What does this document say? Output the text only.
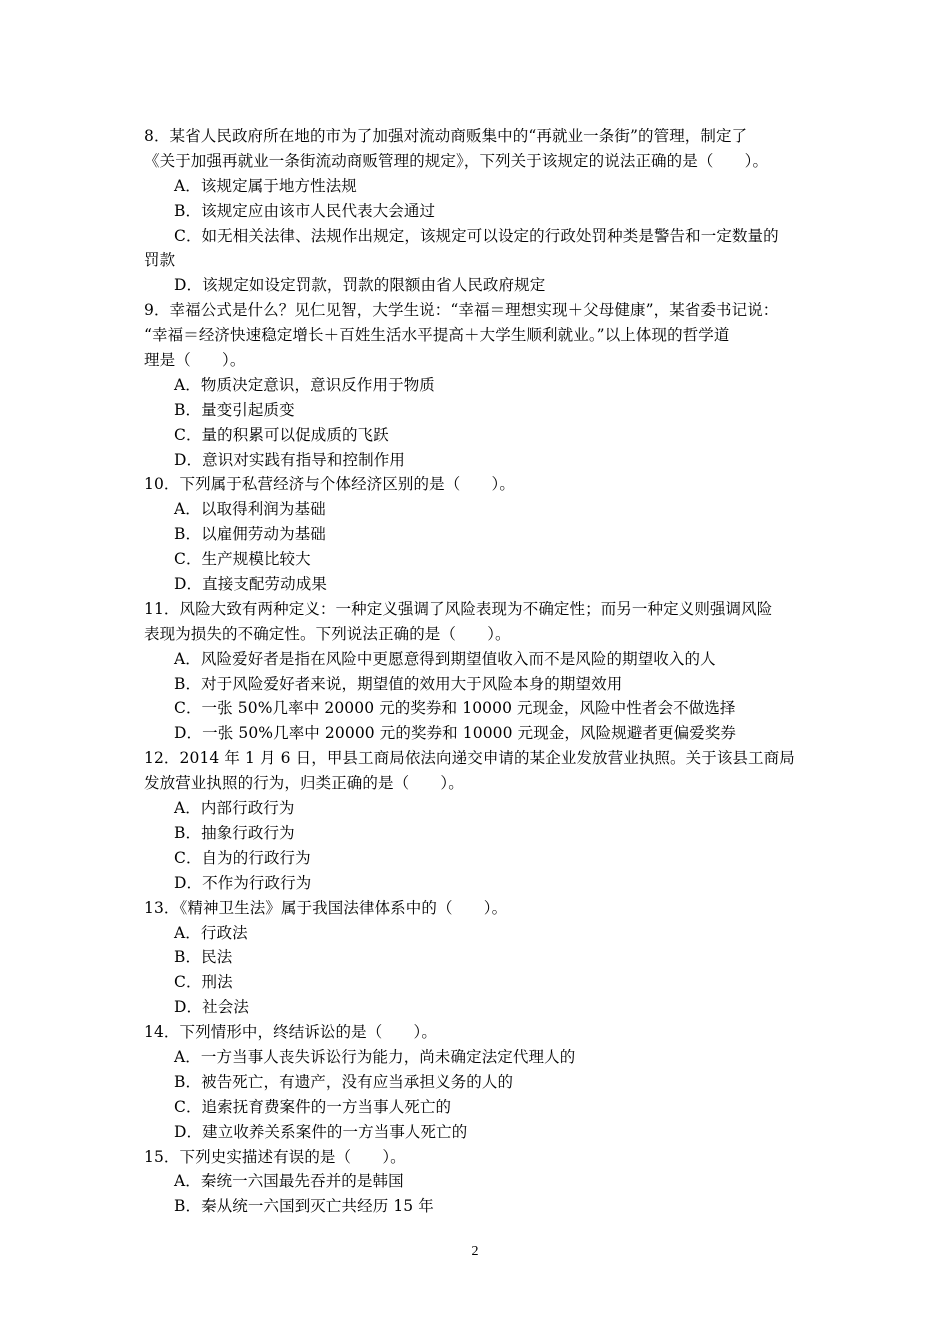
8．某省人民政府所在地的市为了加强对流动商贩集中的“再就业一条街”的管理，制定了
《关于加强再就业一条街流动商贩管理的规定》，下列关于该规定的说法正确的是（　　）。
A．该规定属于地方性法规
B．该规定应由该市人民代表大会通过
C．如无相关法律、法规作出规定，该规定可以设定的行政处罚种类是警告和一定数量的
罚款
D．该规定如设定罚款，罚款的限额由省人民政府规定
9．幸福公式是什么？见仁见智，大学生说：“幸福＝理想实现＋父母健康”，某省委书记说：
“幸福＝经济快速稳定增长＋百姓生活水平提高＋大学生顺利就业。”以上体现的哲学道
理是（　　）。
A．物质决定意识，意识反作用于物质
B．量变引起质变
C．量的积累可以促成质的飞跃
D．意识对实践有指导和控制作用
10．下列属于私营经济与个体经济区别的是（　　）。
A．以取得利润为基础
B．以雇佣劳动为基础
C．生产规模比较大
D．直接支配劳动成果
11．风险大致有两种定义：一种定义强调了风险表现为不确定性；而另一种定义则强调风险
表现为损失的不确定性。下列说法正确的是（　　）。
A．风险爱好者是指在风险中更愿意得到期望值收入而不是风险的期望收入的人
B．对于风险爱好者来说，期望值的效用大于风险本身的期望效用
C．一张 50%几率中 20000 元的奖券和 10000 元现金，风险中性者会不做选择
D．一张 50%几率中 20000 元的奖券和 10000 元现金，风险规避者更偏爱奖券
12．2014 年 1 月 6 日，甲县工商局依法向递交申请的某企业发放营业执照。关于该县工商局
发放营业执照的行为，归类正确的是（　　）。
A．内部行政行为
B．抽象行政行为
C．自为的行政行为
D．不作为行政行为
13．《精神卫生法》属于我国法律体系中的（　　）。
A．行政法
B．民法
C．刑法
D．社会法
14．下列情形中，终结诉讼的是（　　）。
A．一方当事人丧失诉讼行为能力，尚未确定法定代理人的
B．被告死亡，有遗产，没有应当承担义务的人的
C．追索抚育费案件的一方当事人死亡的
D．建立收养关系案件的一方当事人死亡的
15．下列史实描述有误的是（　　）。
A．秦统一六国最先吞并的是韩国
B．秦从统一六国到灭亡共经历 15 年
2
